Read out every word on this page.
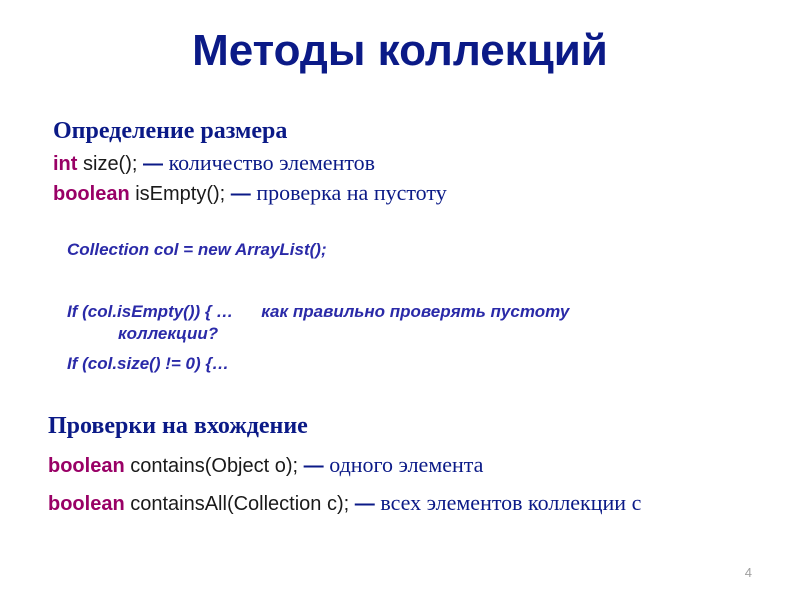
Методы коллекций
Определение размера
int size(); — количество элементов
boolean isEmpty(); — проверка на пустоту
Collection col = new ArrayList();
If (col.isEmpty()) { … как правильно проверять пустоту
коллекции?
If (col.size() != 0) {…
Проверки на вхождение
boolean contains(Object o); — одного элемента
boolean containsAll(Collection c); — всех элементов коллекции с
4
